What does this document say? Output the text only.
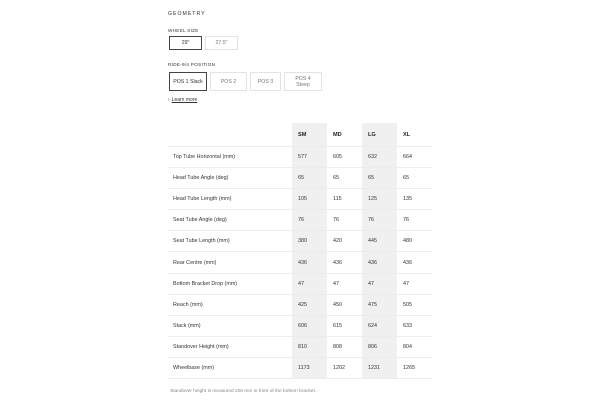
GEOMETRY
WHEEL SIZE
29"	27.5"
RIDE-9/4 POSITION
POS 1 Slack	POS 2	POS 3	POS 4
Steep
› Learn more
	SM	MD	LG	XL
Top Tube Horizontal (mm)	577	605	632	664
Head Tube Angle (deg)	65	65	65	65
Head Tube Length (mm)	105	115	125	135
Seat Tube Angle (deg)	76	76	76	76
Seat Tube Length (mm)	380	420	445	480
Rear Centre (mm)	436	436	436	436
Bottom Bracket Drop (mm)	47	47	47	47
Reach (mm)	425	450	475	505
Stack (mm)	606	615	624	633
Standover Height (mm)	810	808	806	804
Wheelbase (mm)	1173	1202	1231	1265
Standover height is measured 200 mm in front of the bottom bracket.
